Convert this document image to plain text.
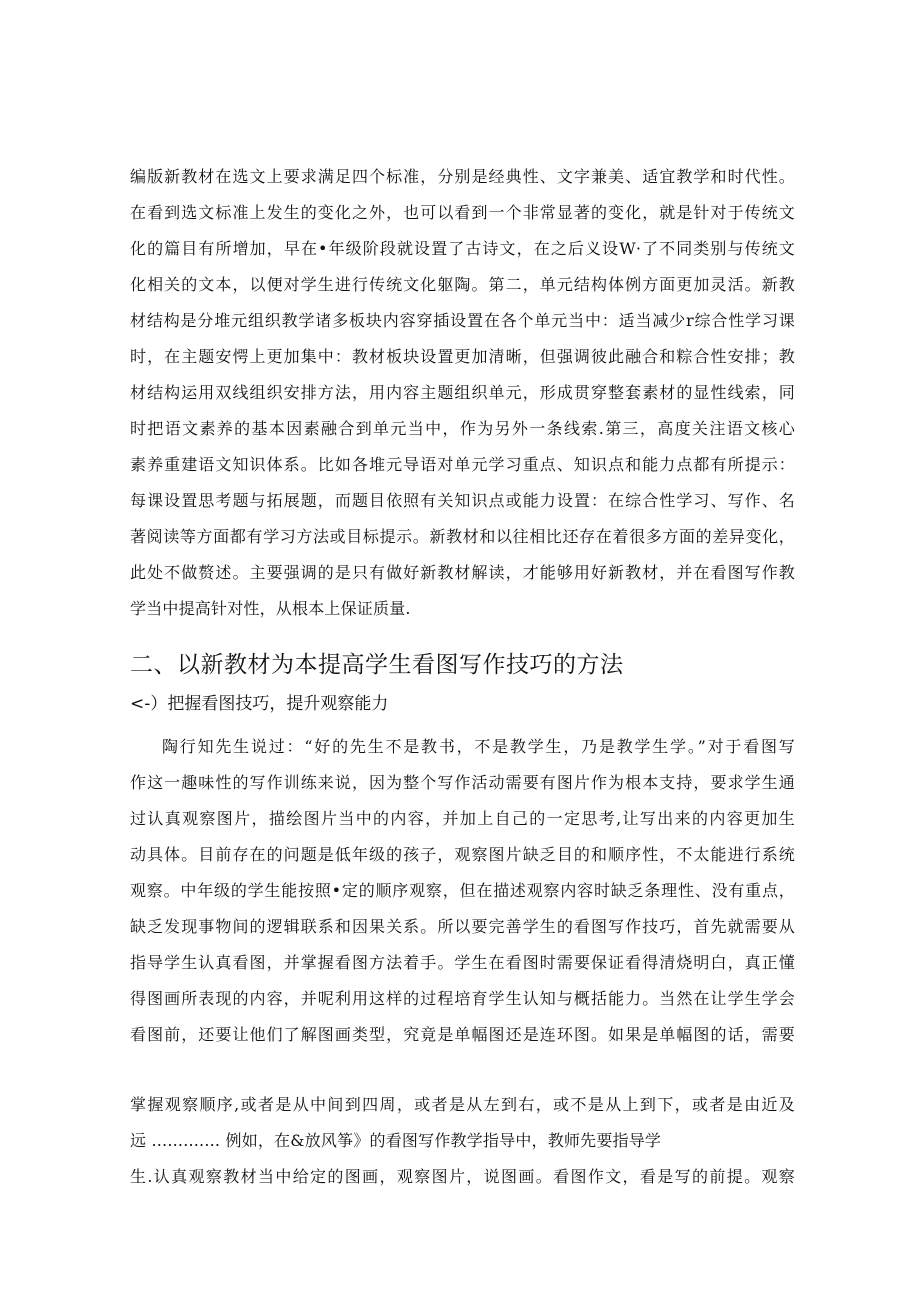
编版新教材在选文上要求满足四个标准，分别是经典性、文字兼美、适宜教学和时代性。
在看到选文标准上发生的变化之外，也可以看到一个非常显著的变化，就是针对于传统文
化的篇目有所增加，早在•年级阶段就设置了古诗文，在之后义设W·了不同类别与传统文
化相关的文本，以便对学生进行传统文化躯陶。第二，单元结构体例方面更加灵活。新教
材结构是分堆元组织教学诸多板块内容穿插设置在各个单元当中：适当减少r综合性学习课
时，在主题安愕上更加集中：教材板块设置更加清晰，但强调彼此融合和粽合性安排；教
材结构运用双线组织安排方法，用内容主题组织单元，形成贯穿整套素材的显性线索，同
时把语文素养的基本因素融合到单元当中，作为另外一条线索.第三，高度关注语文核心
素养重建语文知识体系。比如各堆元导语对单元学习重点、知识点和能力点都有所提示：
每课设置思考题与拓展题，而题目依照有关知识点或能力设置：在综合性学习、写作、名
著阅读等方面都有学习方法或目标提示。新教材和以往相比还存在着很多方面的差异变化，
此处不做赘述。主要强调的是只有做好新教材解读，才能够用好新教材，并在看图写作教
学当中提高针对性，从根本上保证质量.
二、以新教材为本提高学生看图写作技巧的方法
<-）把握看图技巧，提升观察能力
陶行知先生说过：“好的先生不是教书，不是教学生，乃是教学生学。”对于看图写
作这一趣味性的写作训练来说，因为整个写作活动需要有图片作为根本支持，要求学生通
过认真观察图片，描绘图片当中的内容，并加上自己的一定思考,让写出来的内容更加生
动具体。目前存在的问题是低年级的孩子，观察图片缺乏目的和顺序性，不太能进行系统
观察。中年级的学生能按照•定的顺序观察，但在描述观察内容时缺乏条理性、没有重点，
缺乏发现事物间的逻辑联系和因果关系。所以要完善学生的看图写作技巧，首先就需要从
指导学生认真看图，并掌握看图方法着手。学生在看图时需要保证看得清烧明白，真正懂
得图画所表现的内容，并呢利用这样的过程培育学生认知与概括能力。当然在让学生学会
看图前，还要让他们了解图画类型，究竟是单幅图还是连环图。如果是单幅图的话，需要
掌握观察顺序,或者是从中间到四周，或者是从左到右，或不是从上到下，或者是由近及
远 ............. 例如，在&放风筝》的看图写作教学指导中，教师先要指导学
生.认真观察教材当中给定的图画，观察图片，说图画。看图作文，看是写的前提。观察
